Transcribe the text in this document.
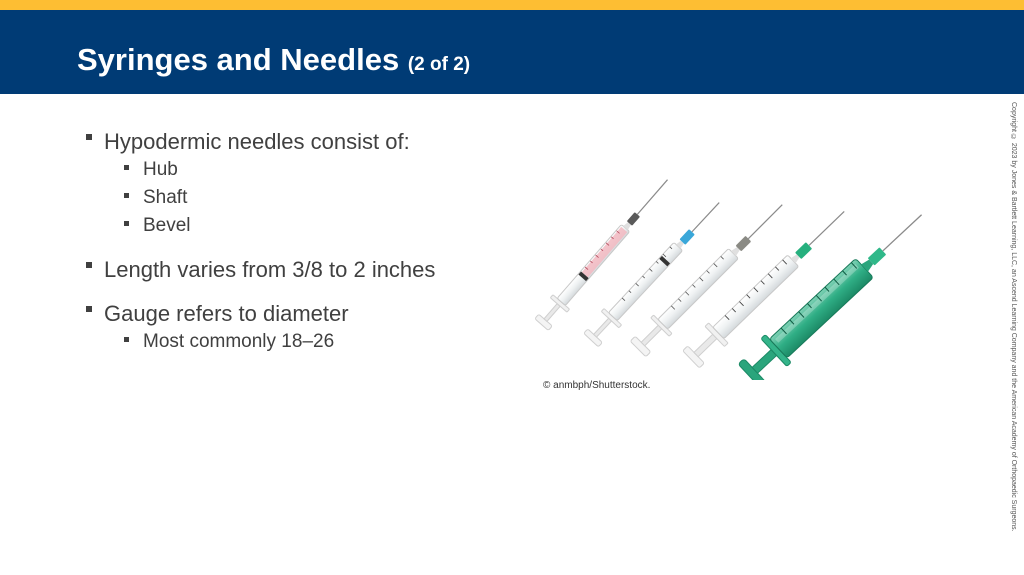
Syringes and Needles (2 of 2)
Hypodermic needles consist of:
Hub
Shaft
Bevel
Length varies from 3/8 to 2 inches
Gauge refers to diameter
Most commonly 18–26
© anmbph/Shutterstock.	Copyright © 2023 by Jones & Bartlett Learning, LLC, an Ascend Learning Company and the American Academy of Orthopaedic Surgeons.
